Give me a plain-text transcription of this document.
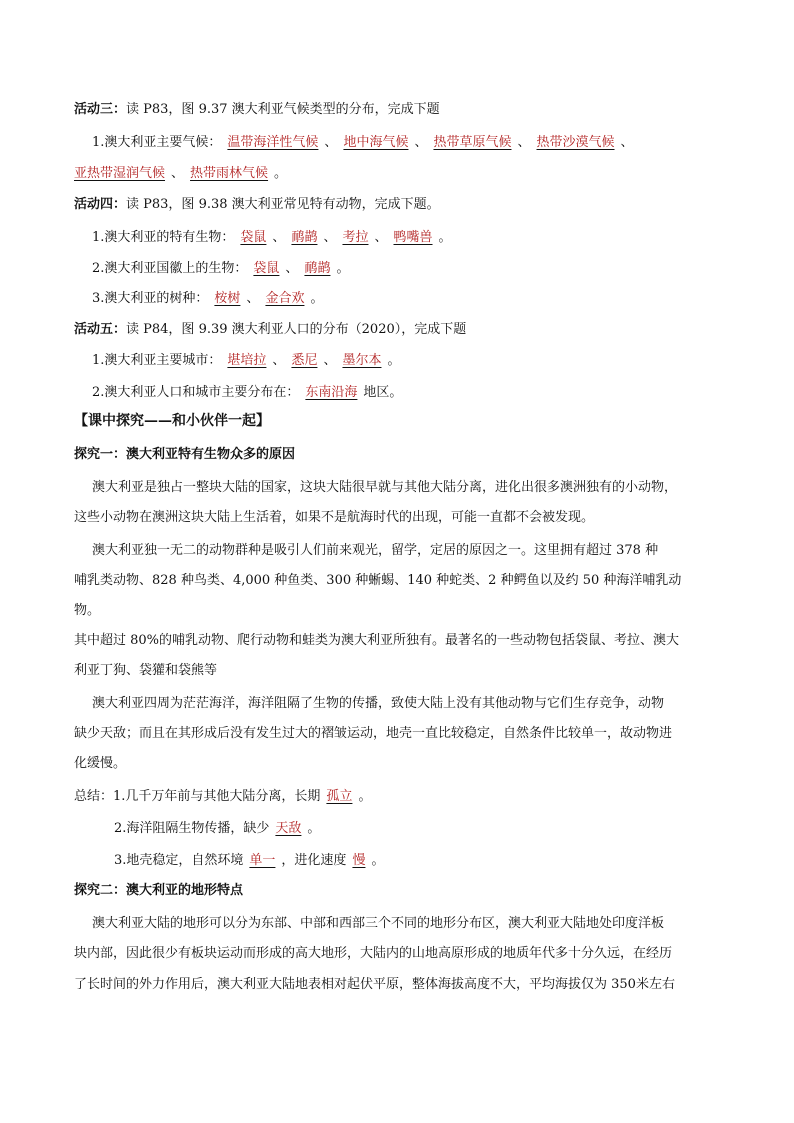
活动三：读 P83，图 9.37 澳大利亚气候类型的分布，完成下题
1.澳大利亚主要气候： 温带海洋性气候 、 地中海气候 、 热带草原气候 、 热带沙漠气候 、
亚热带湿润气候 、 热带雨林气候 。
活动四：读 P83，图 9.38 澳大利亚常见特有动物，完成下题。
1.澳大利亚的特有生物： 袋鼠 、 鸸鹋 、 考拉 、 鸭嘴兽 。
2.澳大利亚国徽上的生物： 袋鼠 、 鸸鹋 。
3.澳大利亚的树种： 桉树 、 金合欢 。
活动五：读 P84，图 9.39 澳大利亚人口的分布（2020），完成下题
1.澳大利亚主要城市： 堪培拉 、 悉尼 、 墨尔本 。
2.澳大利亚人口和城市主要分布在： 东南沿海 地区。
【课中探究——和小伙伴一起】
探究一：澳大利亚特有生物众多的原因
澳大利亚是独占一整块大陆的国家，这块大陆很早就与其他大陆分离，进化出很多澳洲独有的小动物，
这些小动物在澳洲这块大陆上生活着，如果不是航海时代的出现，可能一直都不会被发现。
澳大利亚独一无二的动物群种是吸引人们前来观光，留学，定居的原因之一。这里拥有超过 378 种
哺乳类动物、828 种鸟类、4,000 种鱼类、300 种蜥蜴、140 种蛇类、2 种鳄鱼以及约 50 种海洋哺乳动
物。
其中超过 80%的哺乳动物、爬行动物和蛙类为澳大利亚所独有。最著名的一些动物包括袋鼠、考拉、澳大
利亚丁狗、袋獾和袋熊等
澳大利亚四周为茫茫海洋，海洋阻隔了生物的传播，致使大陆上没有其他动物与它们生存竞争，动物
缺少天敌；而且在其形成后没有发生过大的褶皱运动，地壳一直比较稳定，自然条件比较单一，故动物进
化缓慢。
总结：1.几千万年前与其他大陆分离，长期 孤立 。
2.海洋阻隔生物传播，缺少 天敌 。
3.地壳稳定，自然环境 单一 ，进化速度 慢 。
探究二：澳大利亚的地形特点
澳大利亚大陆的地形可以分为东部、中部和西部三个不同的地形分布区，澳大利亚大陆地处印度洋板
块内部，因此很少有板块运动而形成的高大地形，大陆内的山地高原形成的地质年代多十分久远，在经历
了长时间的外力作用后，澳大利亚大陆地表相对起伏平原，整体海拔高度不大，平均海拔仅为 350米左右
